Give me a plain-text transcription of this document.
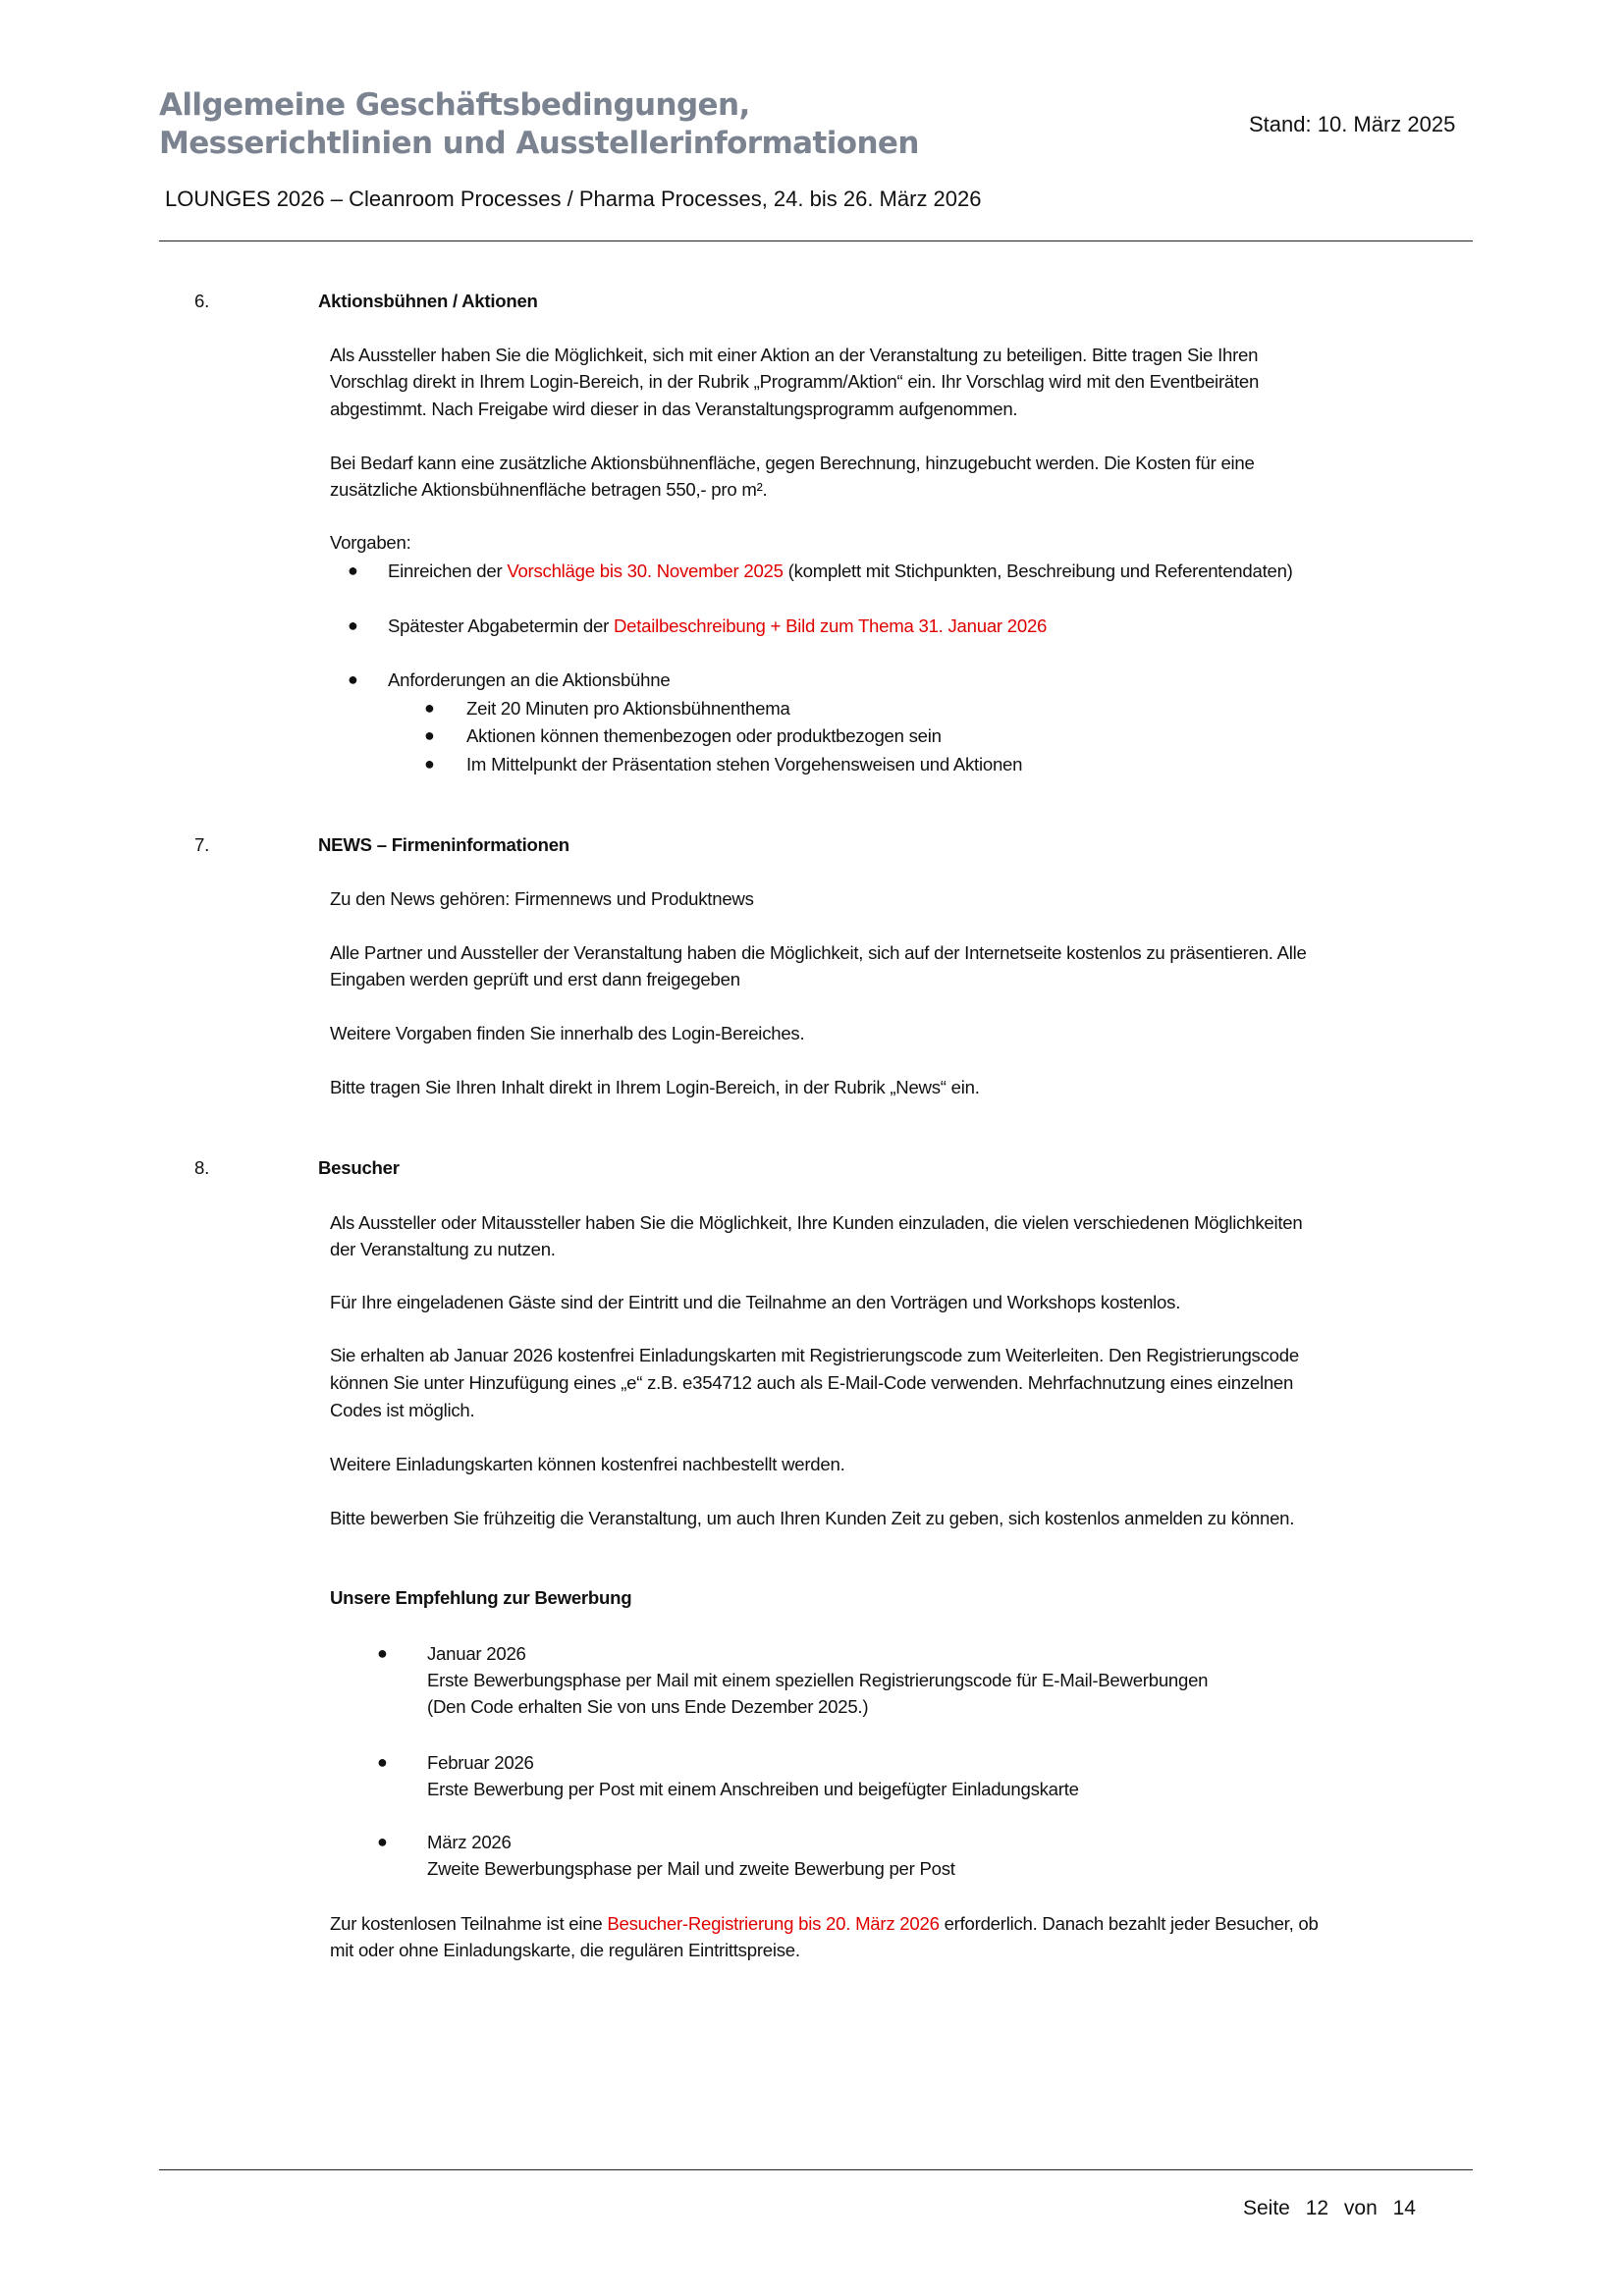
Allgemeine Geschäftsbedingungen,
Messerichtlinien und Ausstellerinformationen
Stand: 10. März 2025
LOUNGES 2026 – Cleanroom Processes / Pharma Processes, 24. bis 26. März 2026
6.	Aktionsbühnen / Aktionen
Als Aussteller haben Sie die Möglichkeit, sich mit einer Aktion an der Veranstaltung zu beteiligen. Bitte tragen Sie Ihren
Vorschlag direkt in Ihrem Login-Bereich, in der Rubrik „Programm/Aktion“ ein. Ihr Vorschlag wird mit den Eventbeiräten
abgestimmt. Nach Freigabe wird dieser in das Veranstaltungsprogramm aufgenommen.
Bei Bedarf kann eine zusätzliche Aktionsbühnenfläche, gegen Berechnung, hinzugebucht werden. Die Kosten für eine
zusätzliche Aktionsbühnenfläche betragen 550,- pro m².
Vorgaben:
● Einreichen der Vorschläge bis 30. November 2025 (komplett mit Stichpunkten, Beschreibung und Referentendaten)
● Spätester Abgabetermin der Detailbeschreibung + Bild zum Thema 31. Januar 2026
● Anforderungen an die Aktionsbühne
● Zeit 20 Minuten pro Aktionsbühnenthema
● Aktionen können themenbezogen oder produktbezogen sein
● Im Mittelpunkt der Präsentation stehen Vorgehensweisen und Aktionen
7.	NEWS – Firmeninformationen
Zu den News gehören: Firmennews und Produktnews
Alle Partner und Aussteller der Veranstaltung haben die Möglichkeit, sich auf der Internetseite kostenlos zu präsentieren. Alle
Eingaben werden geprüft und erst dann freigegeben
Weitere Vorgaben finden Sie innerhalb des Login-Bereiches.
Bitte tragen Sie Ihren Inhalt direkt in Ihrem Login-Bereich, in der Rubrik „News“ ein.
8.	Besucher
Als Aussteller oder Mitaussteller haben Sie die Möglichkeit, Ihre Kunden einzuladen, die vielen verschiedenen Möglichkeiten
der Veranstaltung zu nutzen.
Für Ihre eingeladenen Gäste sind der Eintritt und die Teilnahme an den Vorträgen und Workshops kostenlos.
Sie erhalten ab Januar 2026 kostenfrei Einladungskarten mit Registrierungscode zum Weiterleiten. Den Registrierungscode
können Sie unter Hinzufügung eines „e“ z.B. e354712 auch als E-Mail-Code verwenden. Mehrfachnutzung eines einzelnen
Codes ist möglich.
Weitere Einladungskarten können kostenfrei nachbestellt werden.
Bitte bewerben Sie frühzeitig die Veranstaltung, um auch Ihren Kunden Zeit zu geben, sich kostenlos anmelden zu können.
Unsere Empfehlung zur Bewerbung
● Januar 2026
Erste Bewerbungsphase per Mail mit einem speziellen Registrierungscode für E-Mail-Bewerbungen
(Den Code erhalten Sie von uns Ende Dezember 2025.)
● Februar 2026
Erste Bewerbung per Post mit einem Anschreiben und beigefügter Einladungskarte
● März 2026
Zweite Bewerbungsphase per Mail und zweite Bewerbung per Post
Zur kostenlosen Teilnahme ist eine Besucher-Registrierung bis 20. März 2026 erforderlich. Danach bezahlt jeder Besucher, ob
mit oder ohne Einladungskarte, die regulären Eintrittspreise.
Seite 12 von 14
